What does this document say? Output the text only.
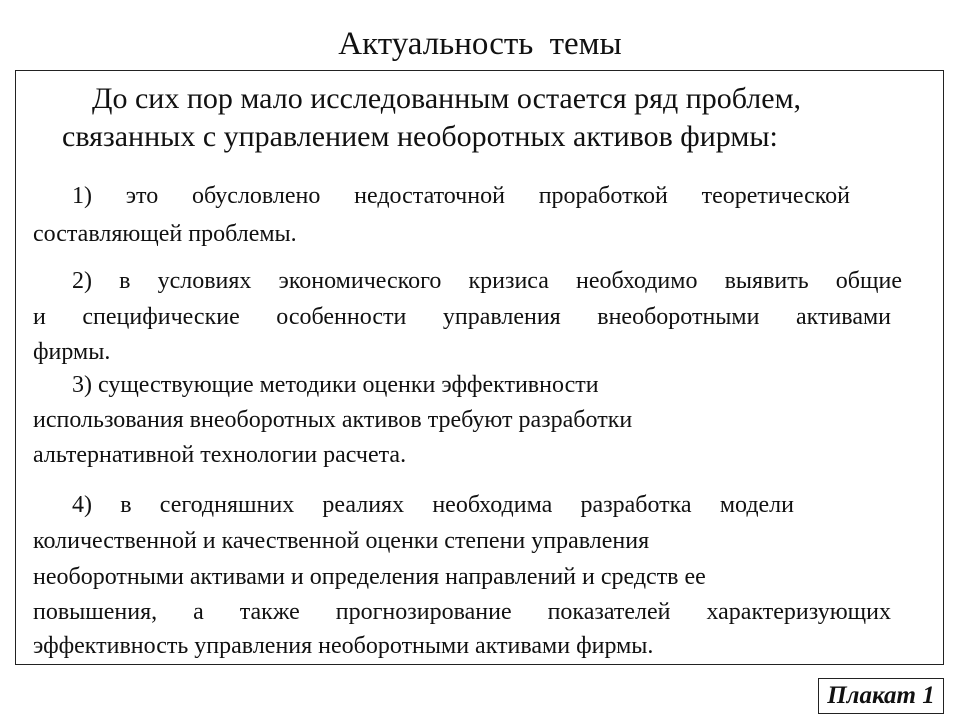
Актуальность темы
До сих пор мало исследованным остается ряд проблем,
связанных с управлением необоротных активов фирмы:
1) это обусловлено недостаточной проработкой теоретической
составляющей проблемы.
2) в условиях экономического кризиса необходимо выявить общие
и специфические особенности управления внеоборотными активами
фирмы.
3) существующие методики оценки эффективности
использования внеоборотных активов требуют разработки
альтернативной технологии расчета.
4) в сегодняшних реалиях необходима разработка модели
количественной и качественной оценки степени управления
необоротными активами и определения направлений и средств ее
повышения, а также прогнозирование показателей характеризующих
эффективность управления необоротными активами фирмы.
Плакат 1
